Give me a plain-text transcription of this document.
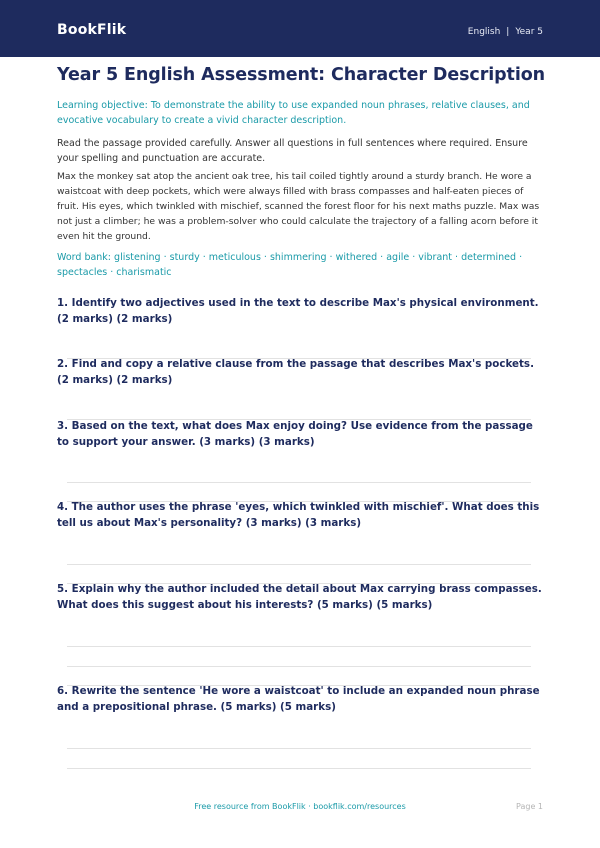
BookFlik	English | Year 5
Year 5 English Assessment: Character Description

Learning objective: To demonstrate the ability to use expanded noun phrases, relative clauses, and evocative vocabulary to create a vivid character description.

Read the passage provided carefully. Answer all questions in full sentences where required. Ensure your spelling and punctuation are accurate.

Max the monkey sat atop the ancient oak tree, his tail coiled tightly around a sturdy branch. He wore a waistcoat with deep pockets, which were always filled with brass compasses and half-eaten pieces of fruit. His eyes, which twinkled with mischief, scanned the forest floor for his next maths puzzle. Max was not just a climber; he was a problem-solver who could calculate the trajectory of a falling acorn before it even hit the ground.

Word bank: glistening · sturdy · meticulous · shimmering · withered · agile · vibrant · determined · spectacles · charismatic

1. Identify two adjectives used in the text to describe Max's physical environment. (2 marks) (2 marks)

2. Find and copy a relative clause from the passage that describes Max's pockets. (2 marks) (2 marks)

3. Based on the text, what does Max enjoy doing? Use evidence from the passage to support your answer. (3 marks) (3 marks)

4. The author uses the phrase 'eyes, which twinkled with mischief'. What does this tell us about Max's personality? (3 marks) (3 marks)

5. Explain why the author included the detail about Max carrying brass compasses. What does this suggest about his interests? (5 marks) (5 marks)

6. Rewrite the sentence 'He wore a waistcoat' to include an expanded noun phrase and a prepositional phrase. (5 marks) (5 marks)

Free resource from BookFlik · bookflik.com/resources	Page 1
